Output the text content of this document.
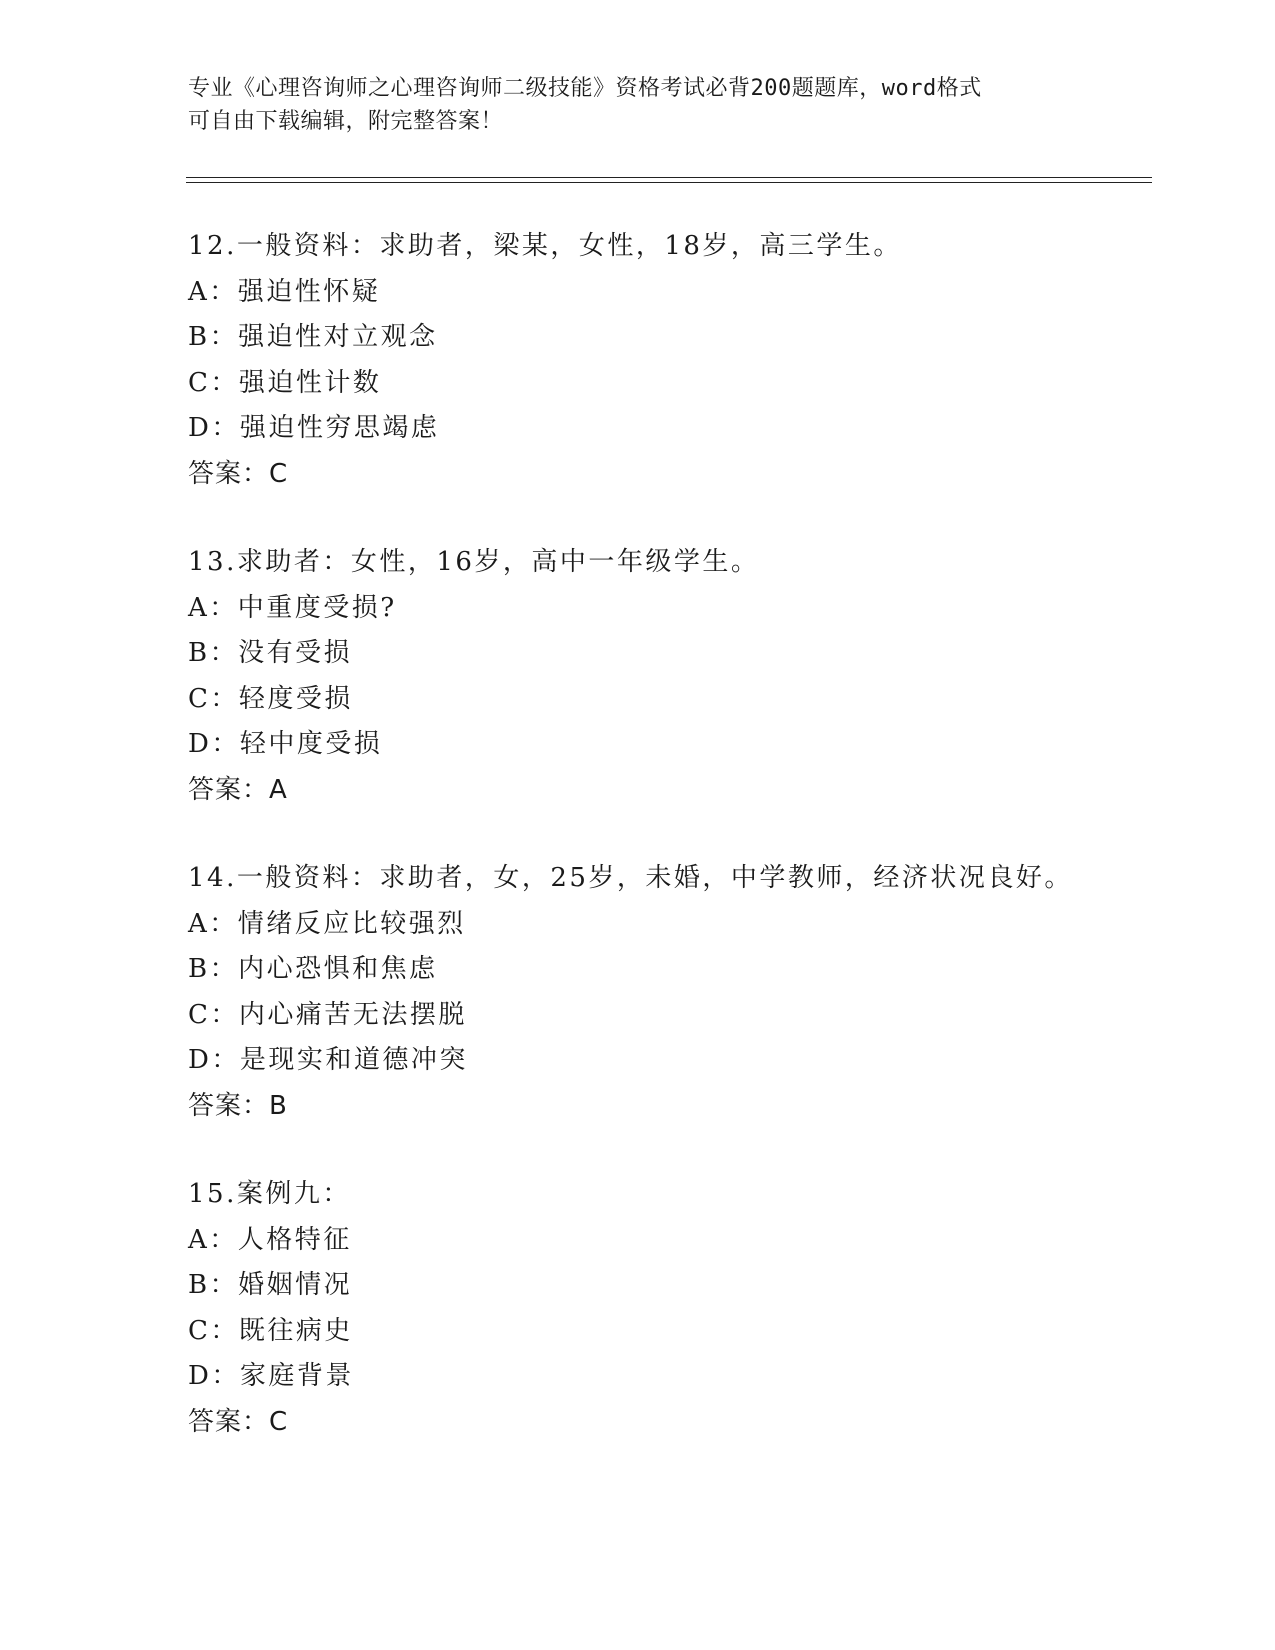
专业《心理咨询师之心理咨询师二级技能》资格考试必背200题题库，word格式

可自由下载编辑，附完整答案！

12.一般资料：求助者，梁某，女性，18岁，高三学生。
A：强迫性怀疑
B：强迫性对立观念
C：强迫性计数
D：强迫性穷思竭虑
答案：C
13.求助者：女性，16岁，高中一年级学生。
A：中重度受损?
B：没有受损
C：轻度受损
D：轻中度受损
答案：A
14.一般资料：求助者，女，25岁，未婚，中学教师，经济状况良好。
A：情绪反应比较强烈
B：内心恐惧和焦虑
C：内心痛苦无法摆脱
D：是现实和道德冲突
答案：B
15.案例九：
A：人格特征
B：婚姻情况
C：既往病史
D：家庭背景
答案：C
